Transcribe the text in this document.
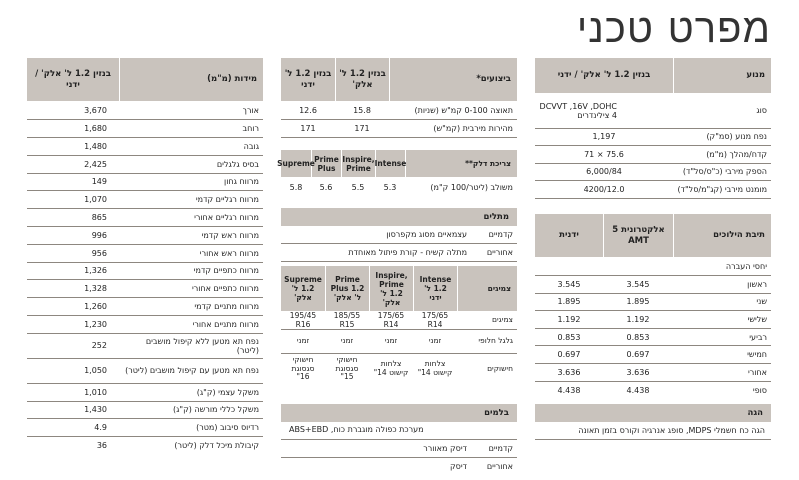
מפרט טכני
מנוע
בנזין 1.2 ל' אלק' / ידני
סוג	DCVVT ,16V ,DOHC
4 צילינדרים
נפח מנוע (סמ"ק)	1,197
קדח/מהלך (מ"מ)	75.6 × 71
הספק מירבי (כ"ס/סל"ד)	6,000/84
מומנט מירבי (קג"מ/סל"ד)	4200/12.0
תיבת הילוכים
אלקטרונית 5 AMT
ידנית
יחסי העברה		
ראשון	3.545	3.545
שני	1.895	1.895
שלישי	1.192	1.192
רביעי	0.853	0.853
חמישי	0.697	0.697
אחורי	3.636	3.636
סופי	4.438	4.438
הגה
הגה כח חשמלי MDPS, סופג אנרגיה וקורס בזמן תאונה
ביצועים*
בנזין 1.2 ל' אלק'
בנזין 1.2 ל' ידני
תאוצה 0-100 קמ"ש (שניות)	15.8	12.6
מהירות מירבית (קמ"ש)	171	171
צריכת דלק**
Intense
Inspire, Prime
Prime Plus
Supreme
משולב (ליטר/100 ק"מ)	5.3	5.5	5.6	5.8
מתלים
קדמיים	עצמאיים מסוג מקפרסון
אחוריים	מתלה קשיח - קורת פיתול מאוחדת
צמיגים
Intense 1.2 ל' ידני
Inspire, Prime 1.2 ל' אלק'
Prime Plus 1.2 ל' אלק'
Supreme 1.2 ל' אלק'
צמיגים	175/65 R14	175/65 R14	185/55 R15	195/45 R16
גלגל חלופי	זמני	זמני	זמני	זמני
חישוקים	צלחות קישוט 14"	צלחות קישוט 14"	חישוקי סגסוגת 15"	חישוקי סגסוגת 16"
בלמים
מערכת כפולה מוגברת כוח, ABS+EBD
קדמיים	דיסק מאוורר
אחוריים	דיסק
מידות (מ"מ)
בנזין 1.2 ל' אלק' / ידני
אורך	3,670
רוחב	1,680
גובה	1,480
בסיס גלגלים	2,425
מרווח גחון	149
מרווח רגליים קדמי	1,070
מרווח רגליים אחורי	865
מרווח ראש קדמי	996
מרווח ראש אחורי	956
מרווח כתפיים קדמי	1,326
מרווח כתפיים אחורי	1,328
מרווח מתניים קדמי	1,260
מרווח מתניים אחורי	1,230
נפח תא מטען ללא קיפול מושבים (ליטר)	252
נפח תא מטען עם קיפול מושבים (ליטר)	1,050
משקל עצמי (ק"ג)	1,010
משקל כללי מורשה (ק"ג)	1,430
רדיוס סיבוב (מטר)	4.9
קיבולת מיכל דלק (ליטר)	36
